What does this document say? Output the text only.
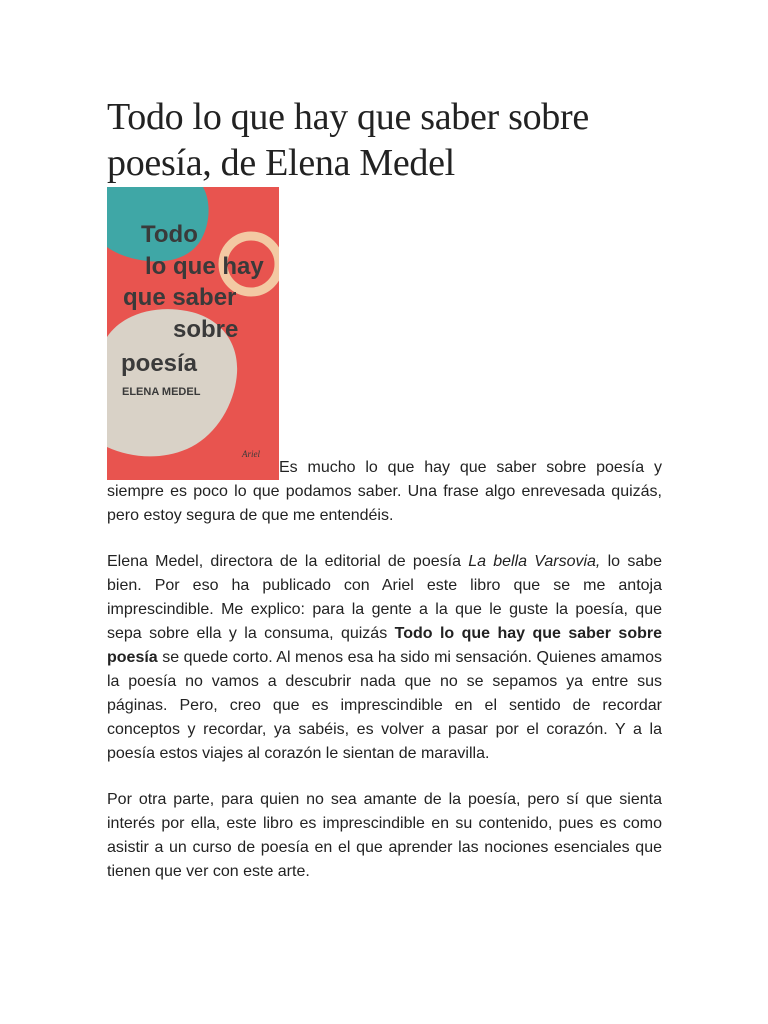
Todo lo que hay que saber sobre poesía, de Elena Medel
Todo
lo que hay
que saber
sobre
poesía
ELENA MEDEL
Ariel

Es mucho lo que hay que saber sobre poesía y siempre es poco lo que podamos saber. Una frase algo enrevesada quizás, pero estoy segura de que me entendéis.

Elena Medel, directora de la editorial de poesía La bella Varsovia, lo sabe bien. Por eso ha publicado con Ariel este libro que se me antoja imprescindible. Me explico: para la gente a la que le guste la poesía, que sepa sobre ella y la consuma, quizás Todo lo que hay que saber sobre poesía se quede corto. Al menos esa ha sido mi sensación. Quienes amamos la poesía no vamos a descubrir nada que no se sepamos ya entre sus páginas. Pero, creo que es imprescindible en el sentido de recordar conceptos y recordar, ya sabéis, es volver a pasar por el corazón. Y a la poesía estos viajes al corazón le sientan de maravilla.

Por otra parte, para quien no sea amante de la poesía, pero sí que sienta interés por ella, este libro es imprescindible en su contenido, pues es como asistir a un curso de poesía en el que aprender las nociones esenciales que tienen que ver con este arte.
